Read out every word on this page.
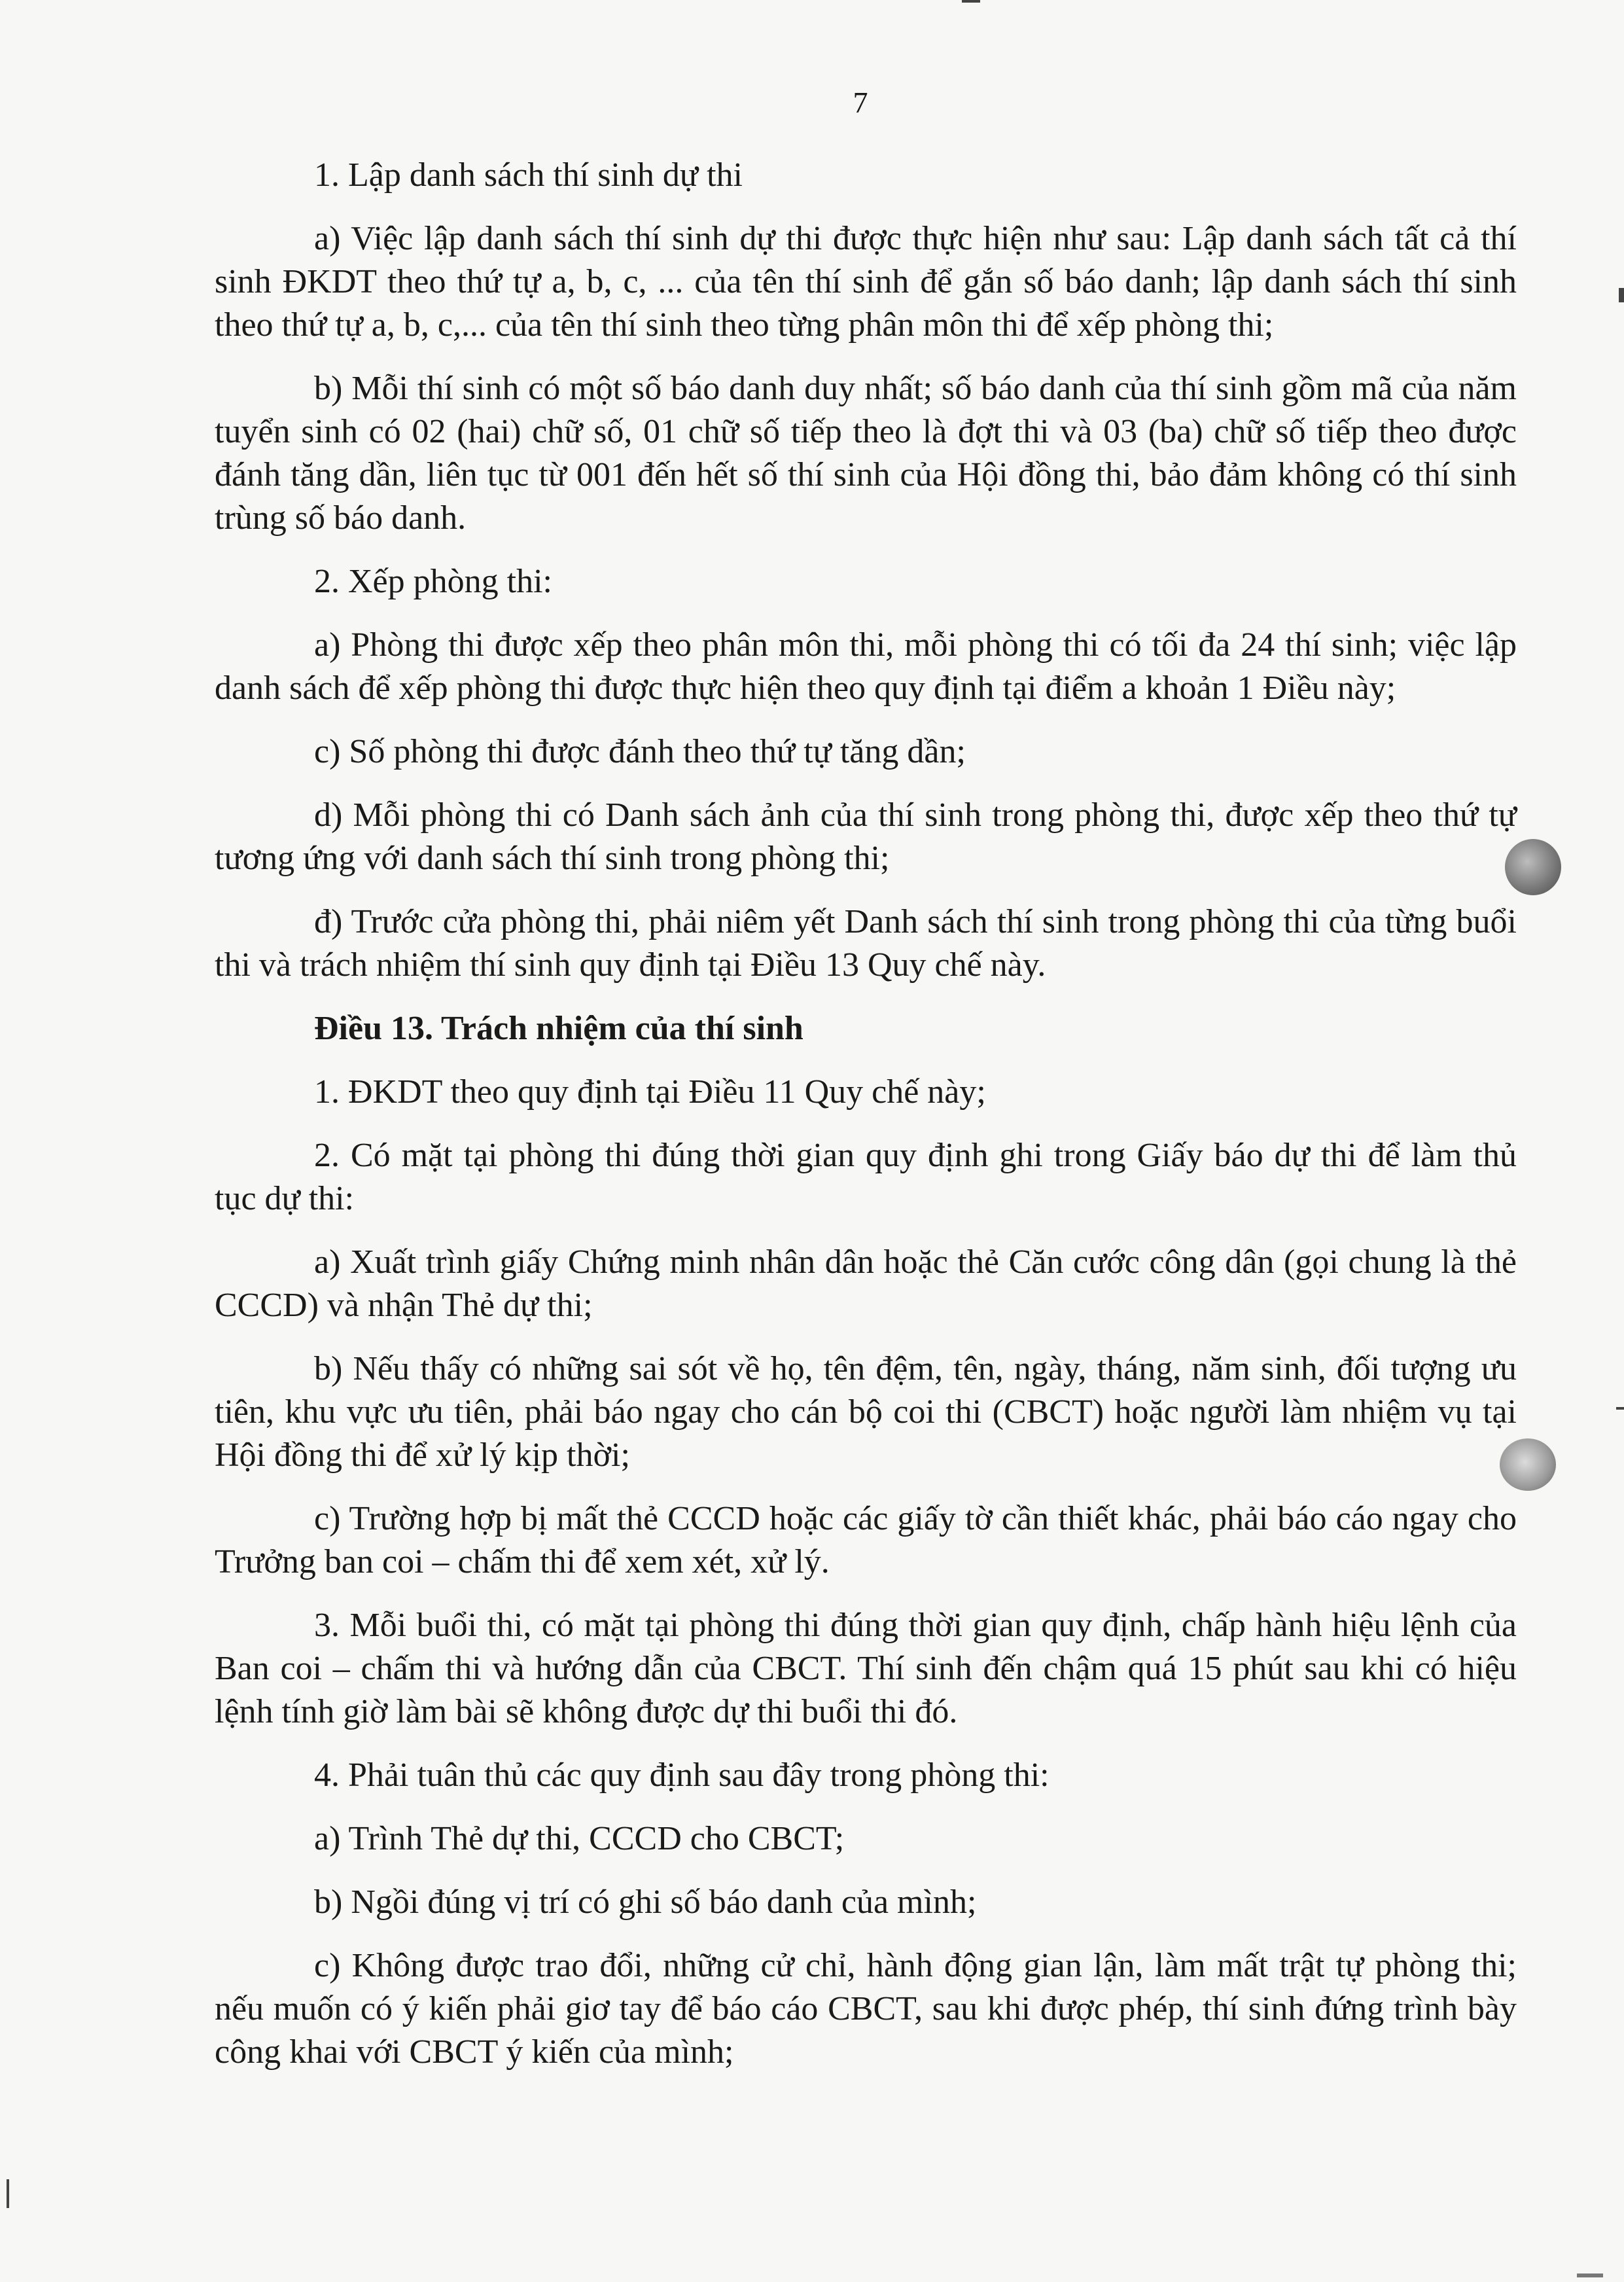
7

1. Lập danh sách thí sinh dự thi

a) Việc lập danh sách thí sinh dự thi được thực hiện như sau: Lập danh sách tất cả thí sinh ĐKDT theo thứ tự a, b, c, ... của tên thí sinh để gắn số báo danh; lập danh sách thí sinh theo thứ tự a, b, c,... của tên thí sinh theo từng phân môn thi để xếp phòng thi;

b) Mỗi thí sinh có một số báo danh duy nhất; số báo danh của thí sinh gồm mã của năm tuyển sinh có 02 (hai) chữ số, 01 chữ số tiếp theo là đợt thi và 03 (ba) chữ số tiếp theo được đánh tăng dần, liên tục từ 001 đến hết số thí sinh của Hội đồng thi, bảo đảm không có thí sinh trùng số báo danh.

2. Xếp phòng thi:

a) Phòng thi được xếp theo phân môn thi, mỗi phòng thi có tối đa 24 thí sinh; việc lập danh sách để xếp phòng thi được thực hiện theo quy định tại điểm a khoản 1 Điều này;

c) Số phòng thi được đánh theo thứ tự tăng dần;

d) Mỗi phòng thi có Danh sách ảnh của thí sinh trong phòng thi, được xếp theo thứ tự tương ứng với danh sách thí sinh trong phòng thi;

đ) Trước cửa phòng thi, phải niêm yết Danh sách thí sinh trong phòng thi của từng buổi thi và trách nhiệm thí sinh quy định tại Điều 13 Quy chế này.

Điều 13. Trách nhiệm của thí sinh

1. ĐKDT theo quy định tại Điều 11 Quy chế này;

2. Có mặt tại phòng thi đúng thời gian quy định ghi trong Giấy báo dự thi để làm thủ tục dự thi:

a) Xuất trình giấy Chứng minh nhân dân hoặc thẻ Căn cước công dân (gọi chung là thẻ CCCD) và nhận Thẻ dự thi;

b) Nếu thấy có những sai sót về họ, tên đệm, tên, ngày, tháng, năm sinh, đối tượng ưu tiên, khu vực ưu tiên, phải báo ngay cho cán bộ coi thi (CBCT) hoặc người làm nhiệm vụ tại Hội đồng thi để xử lý kịp thời;

c) Trường hợp bị mất thẻ CCCD hoặc các giấy tờ cần thiết khác, phải báo cáo ngay cho Trưởng ban coi – chấm thi để xem xét, xử lý.

3. Mỗi buổi thi, có mặt tại phòng thi đúng thời gian quy định, chấp hành hiệu lệnh của Ban coi – chấm thi và hướng dẫn của CBCT. Thí sinh đến chậm quá 15 phút sau khi có hiệu lệnh tính giờ làm bài sẽ không được dự thi buổi thi đó.

4. Phải tuân thủ các quy định sau đây trong phòng thi:

a) Trình Thẻ dự thi, CCCD cho CBCT;

b) Ngồi đúng vị trí có ghi số báo danh của mình;

c) Không được trao đổi, những cử chỉ, hành động gian lận, làm mất trật tự phòng thi; nếu muốn có ý kiến phải giơ tay để báo cáo CBCT, sau khi được phép, thí sinh đứng trình bày công khai với CBCT ý kiến của mình;
